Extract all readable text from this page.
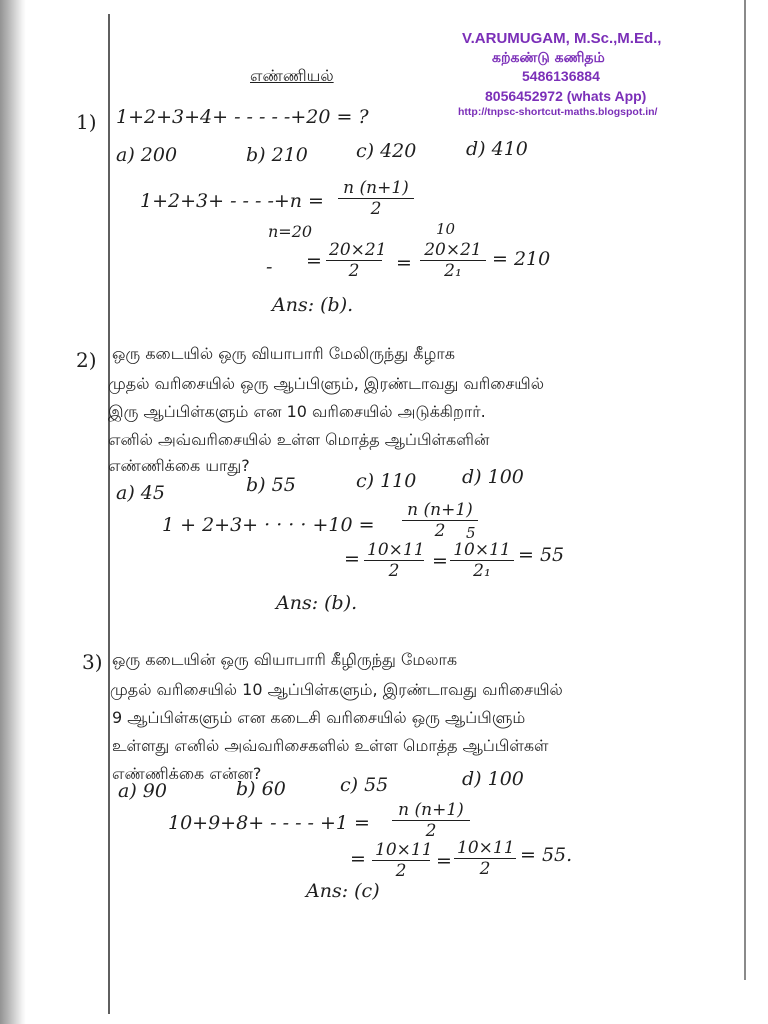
V.ARUMUGAM, M.Sc.,M.Ed.,
கற்கண்டு கணிதம்
5486136884
8056452972 (whats App)
http://tnpsc-shortcut-maths.blogspot.in/
எண்ணியல்
1) 1+2+3+4+ - - - - -+20 = ?
a) 200	b) 210	c) 420	d) 410
1+2+3+ - - - $-+n = \frac{n (n+1)}{2}$
n=20
- = $\frac{20\times 21}{2}$ =
10
$\frac{20\times 21}{\text{2₁}} = 210$
Ans: (b).
2) ஒரு கடையில் ஒரு வியாபாரி மேலிருந்து கீழாக
முதல் வரிசையில் ஒரு ஆப்பிளும், இரண்டாவது வரிசையில்
இரு ஆப்பிள்களும் என 10 வரிசையில் அடுக்கிறார்.
எனில் அவ்வரிசையில் உள்ள மொத்த ஆப்பிள்களின்
எண்ணிக்கை யாது?
a) 45	b) 55	c) 110 d) 100
1 + 2+3+ · · · · $+10 = \frac{n (n+1)}{2}$
= $\frac{10\times 11}{2}$ =
5
$\frac{10\times 11}{\text{2₁}} = 55$
Ans: (b).
3) ஒரு கடையின் ஒரு வியாபாரி கீழிருந்து மேலாக
முதல் வரிசையில் 10 ஆப்பிள்களும், இரண்டாவது வரிசையில்
9 ஆப்பிள்களும் என கடைசி வரிசையில் ஒரு ஆப்பிளும்
உள்ளது எனில் அவ்வரிசைகளில் உள்ள மொத்த ஆப்பிள்கள்
எண்ணிக்கை என்ன?
a) 90	b) 60	c) 55	d) 100
10+9+8+ - - - - $+1 = \frac{n (n+1)}{2}$
= $\frac{10\times 11}{2} = \frac{10\times 11}{2} = 55$.
Ans: (c)
